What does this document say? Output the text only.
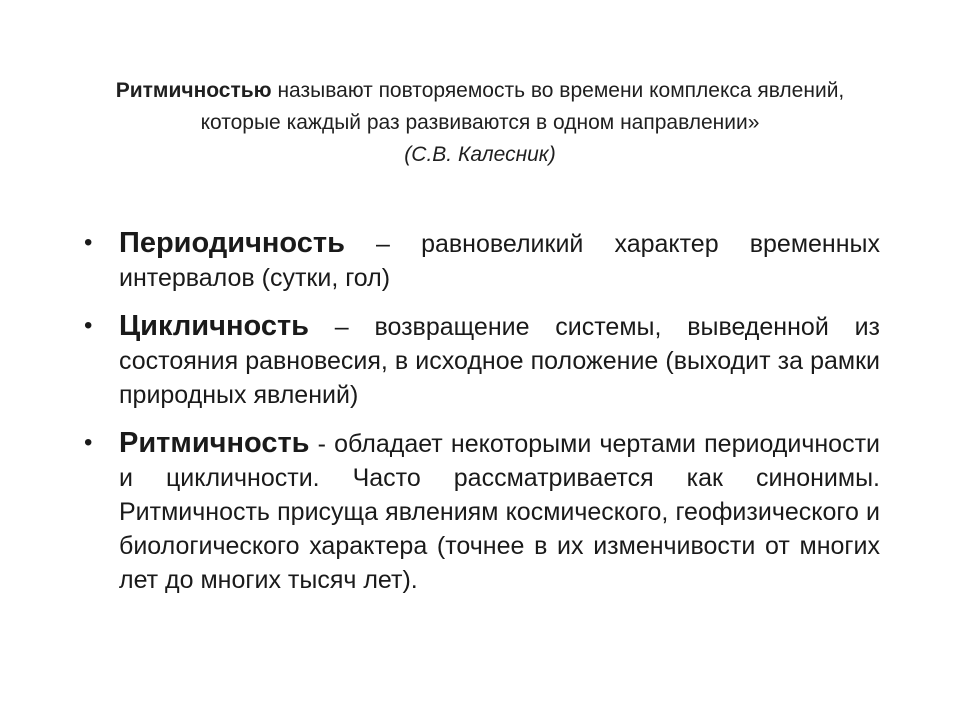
Ритмичностью называют повторяемость во времени комплекса явлений, которые каждый раз развиваются в одном направлении»
(С.В. Калесник)
• Периодичность – равновеликий характер временных интервалов (сутки, гол)
• Цикличность – возвращение системы, выведенной из состояния равновесия, в исходное положение (выходит за рамки природных явлений)
• Ритмичность - обладает некоторыми чертами периодичности и цикличности. Часто рассматривается как синонимы. Ритмичность присуща явлениям космического, геофизического и биологического характера (точнее в их изменчивости от многих лет до многих тысяч лет).
